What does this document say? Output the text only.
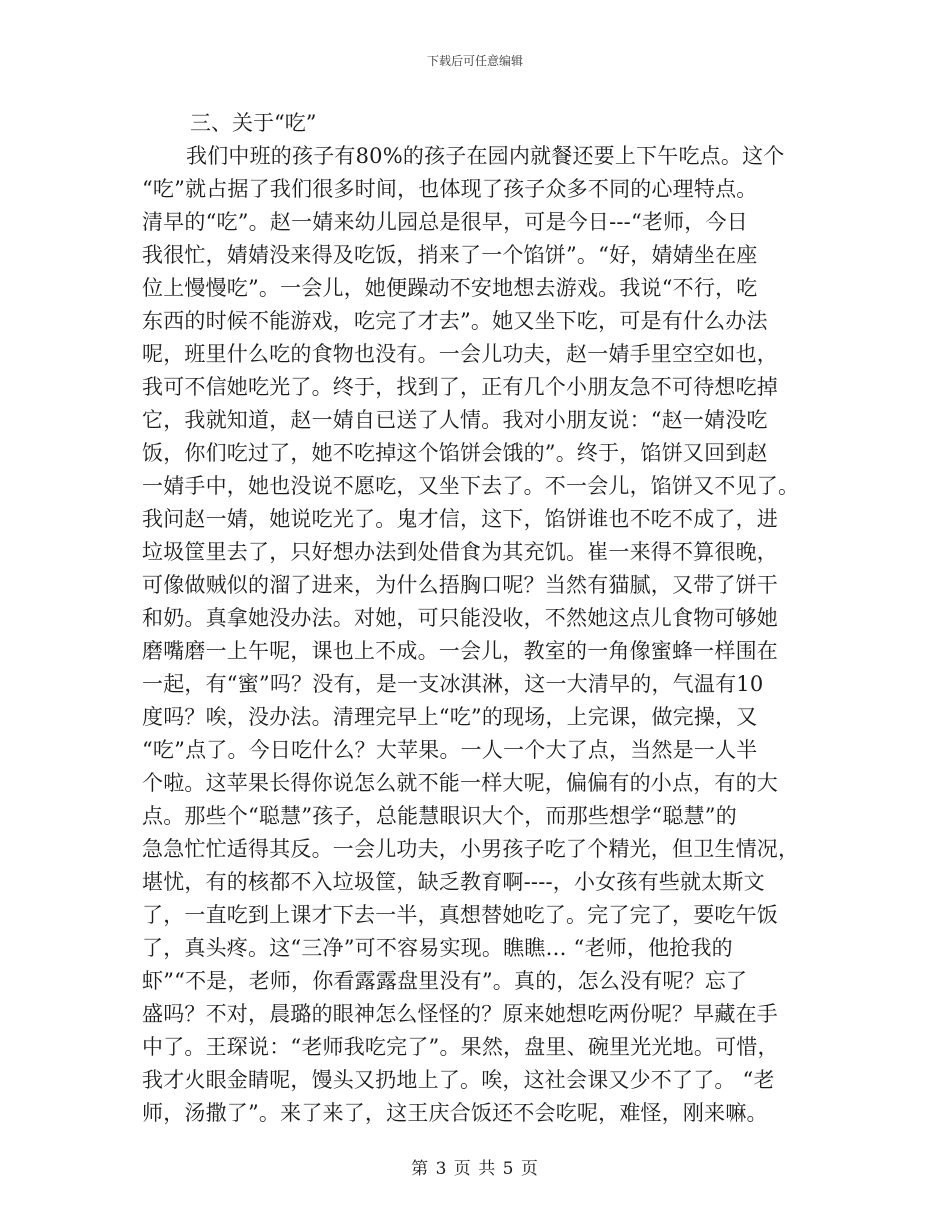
下载后可任意编辑
三、关于“吃”
我们中班的孩子有80%的孩子在园内就餐还要上下午吃点。这个
“吃”就占据了我们很多时间，也体现了孩子众多不同的心理特点。
清早的“吃”。赵一婧来幼儿园总是很早，可是今日---“老师，今日
我很忙，婧婧没来得及吃饭，捎来了一个馅饼”。“好，婧婧坐在座
位上慢慢吃”。一会儿，她便躁动不安地想去游戏。我说“不行，吃
东西的时候不能游戏，吃完了才去”。她又坐下吃，可是有什么办法
呢，班里什么吃的食物也没有。一会儿功夫，赵一婧手里空空如也，
我可不信她吃光了。终于，找到了，正有几个小朋友急不可待想吃掉
它，我就知道，赵一婧自已送了人情。我对小朋友说：“赵一婧没吃
饭，你们吃过了，她不吃掉这个馅饼会饿的”。终于，馅饼又回到赵
一婧手中，她也没说不愿吃，又坐下去了。不一会儿，馅饼又不见了。
我问赵一婧，她说吃光了。鬼才信，这下，馅饼谁也不吃不成了，进
垃圾筐里去了，只好想办法到处借食为其充饥。崔一来得不算很晚，
可像做贼似的溜了进来，为什么捂胸口呢？当然有猫腻，又带了饼干
和奶。真拿她没办法。对她，可只能没收，不然她这点儿食物可够她
磨嘴磨一上午呢，课也上不成。一会儿，教室的一角像蜜蜂一样围在
一起，有“蜜”吗？没有，是一支冰淇淋，这一大清早的，气温有10
度吗？唉，没办法。清理完早上“吃”的现场，上完课，做完操，又
“吃”点了。今日吃什么？大苹果。一人一个大了点，当然是一人半
个啦。这苹果长得你说怎么就不能一样大呢，偏偏有的小点，有的大
点。那些个“聪慧”孩子，总能慧眼识大个，而那些想学“聪慧”的
急急忙忙适得其反。一会儿功夫，小男孩子吃了个精光，但卫生情况，
堪忧，有的核都不入垃圾筐，缺乏教育啊----，小女孩有些就太斯文
了，一直吃到上课才下去一半，真想替她吃了。完了完了，要吃午饭
了，真头疼。这“三净”可不容易实现。瞧瞧… “老师，他抢我的
虾”“不是，老师，你看露露盘里没有”。真的，怎么没有呢？忘了
盛吗？不对，晨璐的眼神怎么怪怪的？原来她想吃两份呢？早藏在手
中了。王琛说：“老师我吃完了”。果然，盘里、碗里光光地。可惜，
我才火眼金睛呢，馒头又扔地上了。唉，这社会课又少不了了。 “老
师，汤撒了”。来了来了，这王庆合饭还不会吃呢，难怪，刚来嘛。
第 3 页 共 5 页
